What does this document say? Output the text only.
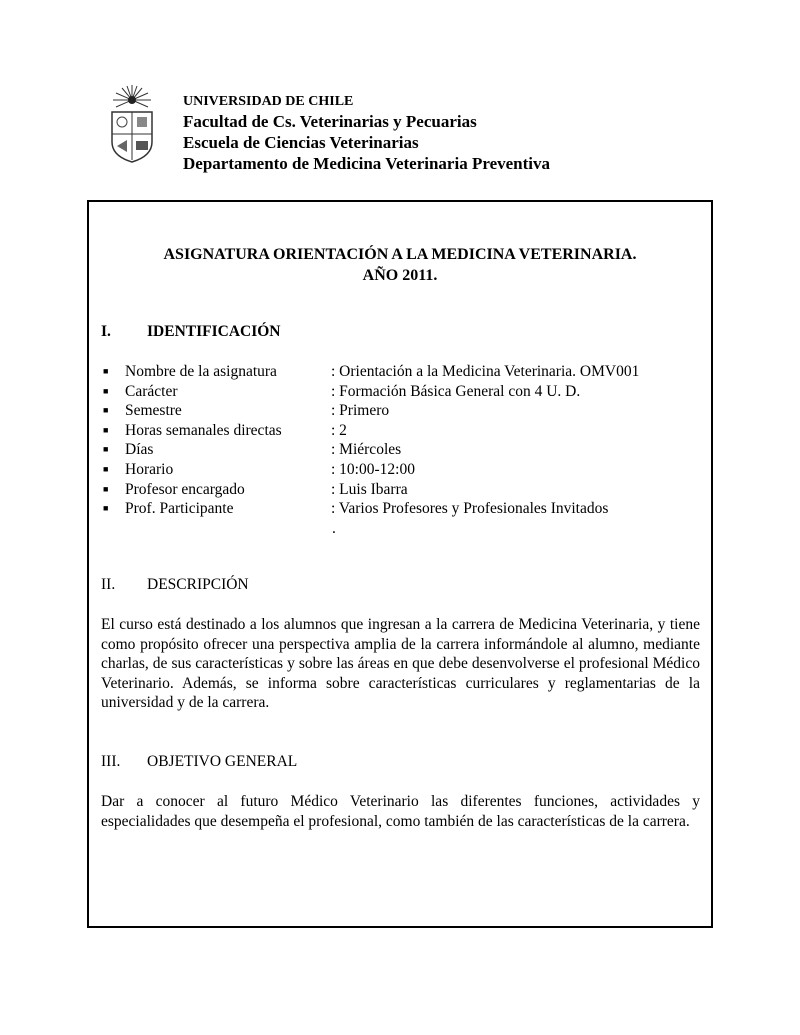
UNIVERSIDAD DE CHILE
Facultad de Cs. Veterinarias y Pecuarias
Escuela de Ciencias Veterinarias
Departamento de Medicina Veterinaria Preventiva
ASIGNATURA ORIENTACIÓN A LA MEDICINA VETERINARIA.
AÑO 2011.
I. IDENTIFICACIÓN
■ Nombre de la asignatura	: Orientación a la Medicina Veterinaria. OMV001
■ Carácter	: Formación Básica General con 4 U. D.
■ Semestre	: Primero
■ Horas semanales directas	: 2
■ Días	: Miércoles
■ Horario	: 10:00-12:00
■ Profesor encargado	: Luis Ibarra
■ Prof. Participante	: Varios Profesores y Profesionales Invitados
.
II. DESCRIPCIÓN
El curso está destinado a los alumnos que ingresan a la carrera de Medicina Veterinaria, y tiene como propósito ofrecer una perspectiva amplia de la carrera informándole al alumno, mediante charlas, de sus características y sobre las áreas en que debe desenvolverse el profesional Médico Veterinario. Además, se informa sobre características curriculares y reglamentarias de la universidad y de la carrera.
III. OBJETIVO GENERAL
Dar a conocer al futuro Médico Veterinario las diferentes funciones, actividades y especialidades que desempeña el profesional, como también de las características de la carrera.
